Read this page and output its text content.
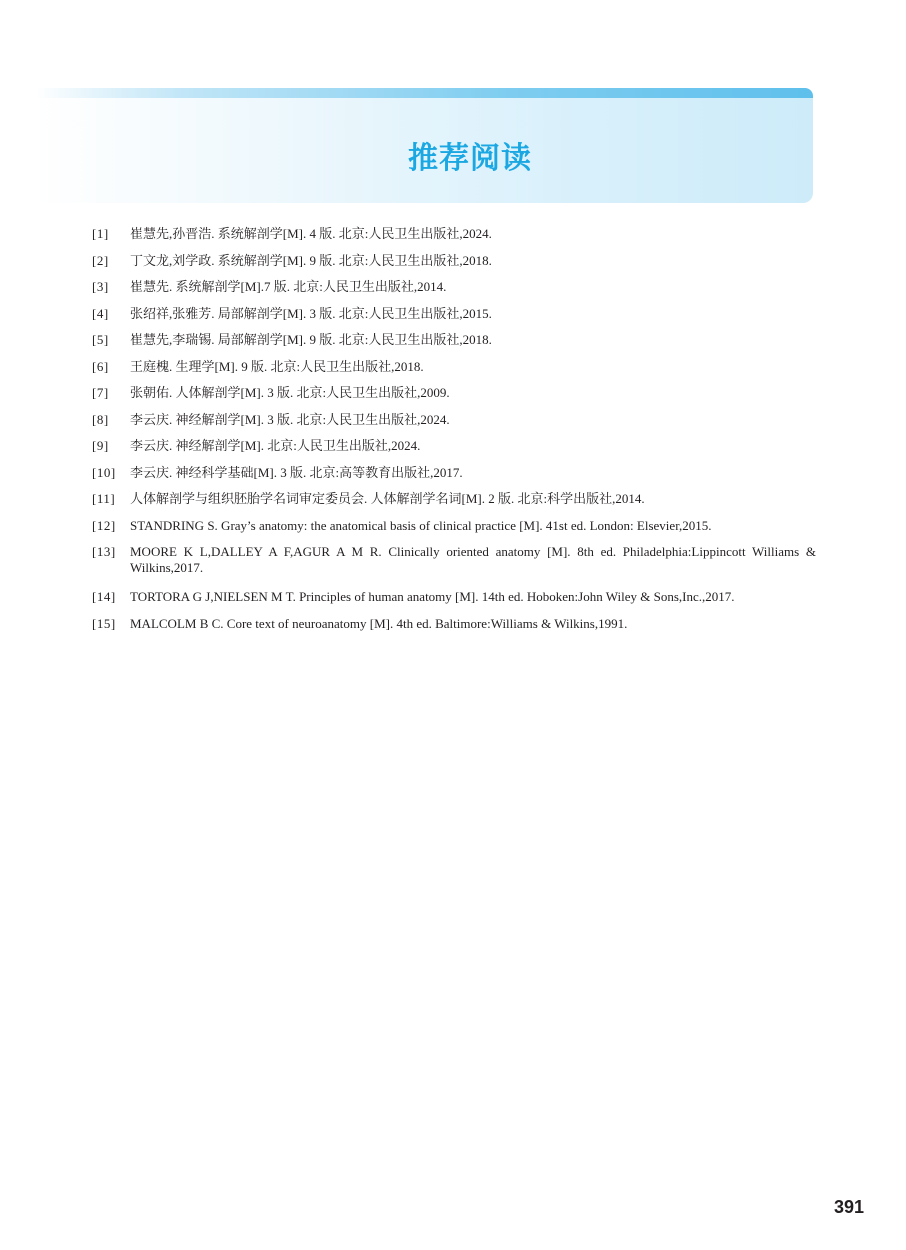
推荐阅读
[1]	崔慧先,孙晋浩. 系统解剖学[M]. 4 版. 北京:人民卫生出版社,2024.
[2]	丁文龙,刘学政. 系统解剖学[M]. 9 版. 北京:人民卫生出版社,2018.
[3]	崔慧先. 系统解剖学[M].7 版. 北京:人民卫生出版社,2014.
[4]	张绍祥,张雅芳. 局部解剖学[M]. 3 版. 北京:人民卫生出版社,2015.
[5]	崔慧先,李瑞锡. 局部解剖学[M]. 9 版. 北京:人民卫生出版社,2018.
[6]	王庭槐. 生理学[M]. 9 版. 北京:人民卫生出版社,2018.
[7]	张朝佑. 人体解剖学[M]. 3 版. 北京:人民卫生出版社,2009.
[8]	李云庆. 神经解剖学[M]. 3 版. 北京:人民卫生出版社,2024.
[9]	李云庆. 神经解剖学[M]. 北京:人民卫生出版社,2024.
[10]	李云庆. 神经科学基础[M]. 3 版. 北京:高等教育出版社,2017.
[11]	人体解剖学与组织胚胎学名词审定委员会. 人体解剖学名词[M]. 2 版. 北京:科学出版社,2014.
[12]	STANDRING S. Gray’s anatomy: the anatomical basis of clinical practice [M]. 41st ed. London: Elsevier,2015.
[13]	MOORE K L,DALLEY A F,AGUR A M R. Clinically oriented anatomy [M]. 8th ed. Philadelphia:Lippincott Williams & Wilkins,2017.
[14]	TORTORA G J,NIELSEN M T. Principles of human anatomy [M]. 14th ed. Hoboken:John Wiley & Sons,Inc.,2017.
[15]	MALCOLM B C. Core text of neuroanatomy [M]. 4th ed. Baltimore:Williams & Wilkins,1991.
391
